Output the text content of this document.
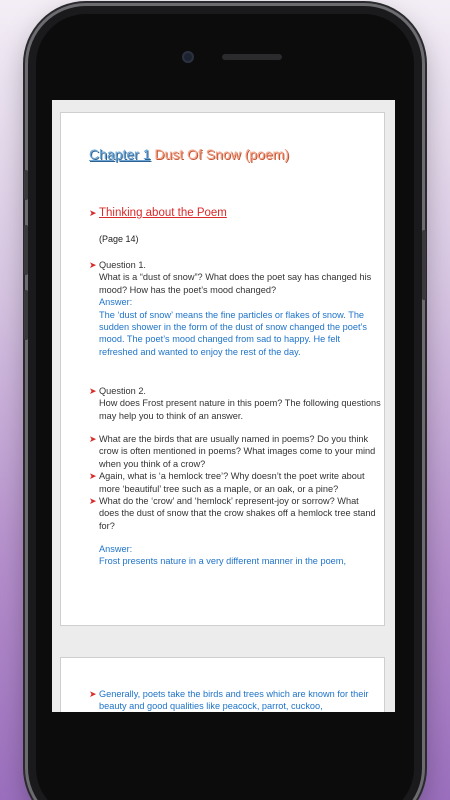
Chapter 1 Dust Of Snow (poem)
➤ Thinking about the Poem
(Page 14)
➤ Question 1.
What is a “dust of snow”? What does the poet say has changed his mood? How has the poet’s mood changed?
Answer:
The ‘dust of snow’ means the fine particles or flakes of snow. The sudden shower in the form of the dust of snow changed the poet’s mood. The poet’s mood changed from sad to happy. He felt refreshed and wanted to enjoy the rest of the day.
➤ Question 2.
How does Frost present nature in this poem? The following questions may help you to think of an answer.
➤ What are the birds that are usually named in poems? Do you think crow is often mentioned in poems? What images come to your mind when you think of a crow?
➤ Again, what is ‘a hemlock tree’? Why doesn’t the poet write about more ‘beautiful’ tree such as a maple, or an oak, or a pine?
➤ What do the ‘crow’ and ‘hemlock’ represent-joy or sorrow? What does the dust of snow that the crow shakes off a hemlock tree stand for?
Answer:
Frost presents nature in a very different manner in the poem,
➤ Generally, poets take the birds and trees which are known for their beauty and good qualities like peacock, parrot, cuckoo,
